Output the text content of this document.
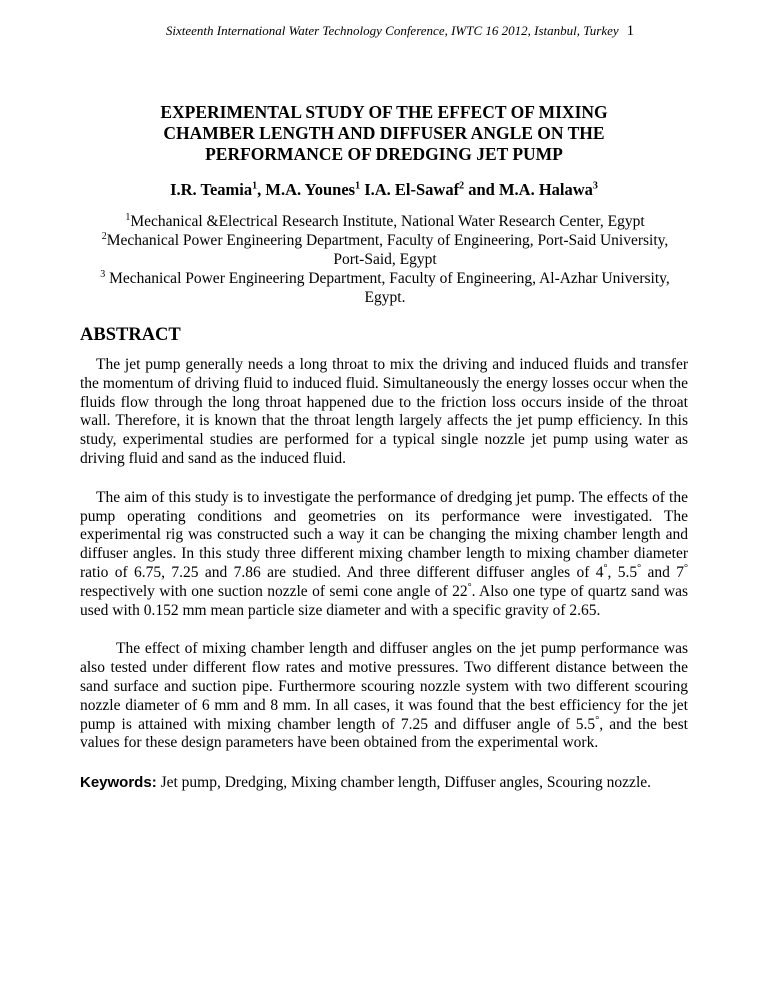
Sixteenth International Water Technology Conference, IWTC 16 2012, Istanbul, Turkey 1
EXPERIMENTAL STUDY OF THE EFFECT OF MIXING
CHAMBER LENGTH AND DIFFUSER ANGLE ON THE
PERFORMANCE OF DREDGING JET PUMP
I.R. Teamia$^1$, M.A. Younes$^1$ I.A. El-Sawaf$^2$ and M.A. Halawa$^3$

$^1$Mechanical &Electrical Research Institute, National Water Research Center, Egypt

$^2$Mechanical Power Engineering Department, Faculty of Engineering, Port-Said University, Port-Said, Egypt

$^3$ Mechanical Power Engineering Department, Faculty of Engineering, Al-Azhar University, Egypt.

ABSTRACT

The jet pump generally needs a long throat to mix the driving and induced fluids and transfer the momentum of driving fluid to induced fluid. Simultaneously the energy losses occur when the fluids flow through the long throat happened due to the friction loss occurs inside of the throat wall. Therefore, it is known that the throat length largely affects the jet pump efficiency. In this study, experimental studies are performed for a typical single nozzle jet pump using water as driving fluid and sand as the induced fluid.

The aim of this study is to investigate the performance of dredging jet pump. The effects of the pump operating conditions and geometries on its performance were investigated. The experimental rig was constructed such a way it can be changing the mixing chamber length and diffuser angles. In this study three different mixing chamber length to mixing chamber diameter ratio of 6.75, 7.25 and 7.86 are studied. And three different diffuser angles of 4°, 5.5° and 7° respectively with one suction nozzle of semi cone angle of 22°. Also one type of quartz sand was used with 0.152 mm mean particle size diameter and with a specific gravity of 2.65.

The effect of mixing chamber length and diffuser angles on the jet pump performance was also tested under different flow rates and motive pressures. Two different distance between the sand surface and suction pipe. Furthermore scouring nozzle system with two different scouring nozzle diameter of 6 mm and 8 mm. In all cases, it was found that the best efficiency for the jet pump is attained with mixing chamber length of 7.25 and diffuser angle of 5.5°, and the best values for these design parameters have been obtained from the experimental work.

Keywords: Jet pump, Dredging, Mixing chamber length, Diffuser angles, Scouring nozzle.
